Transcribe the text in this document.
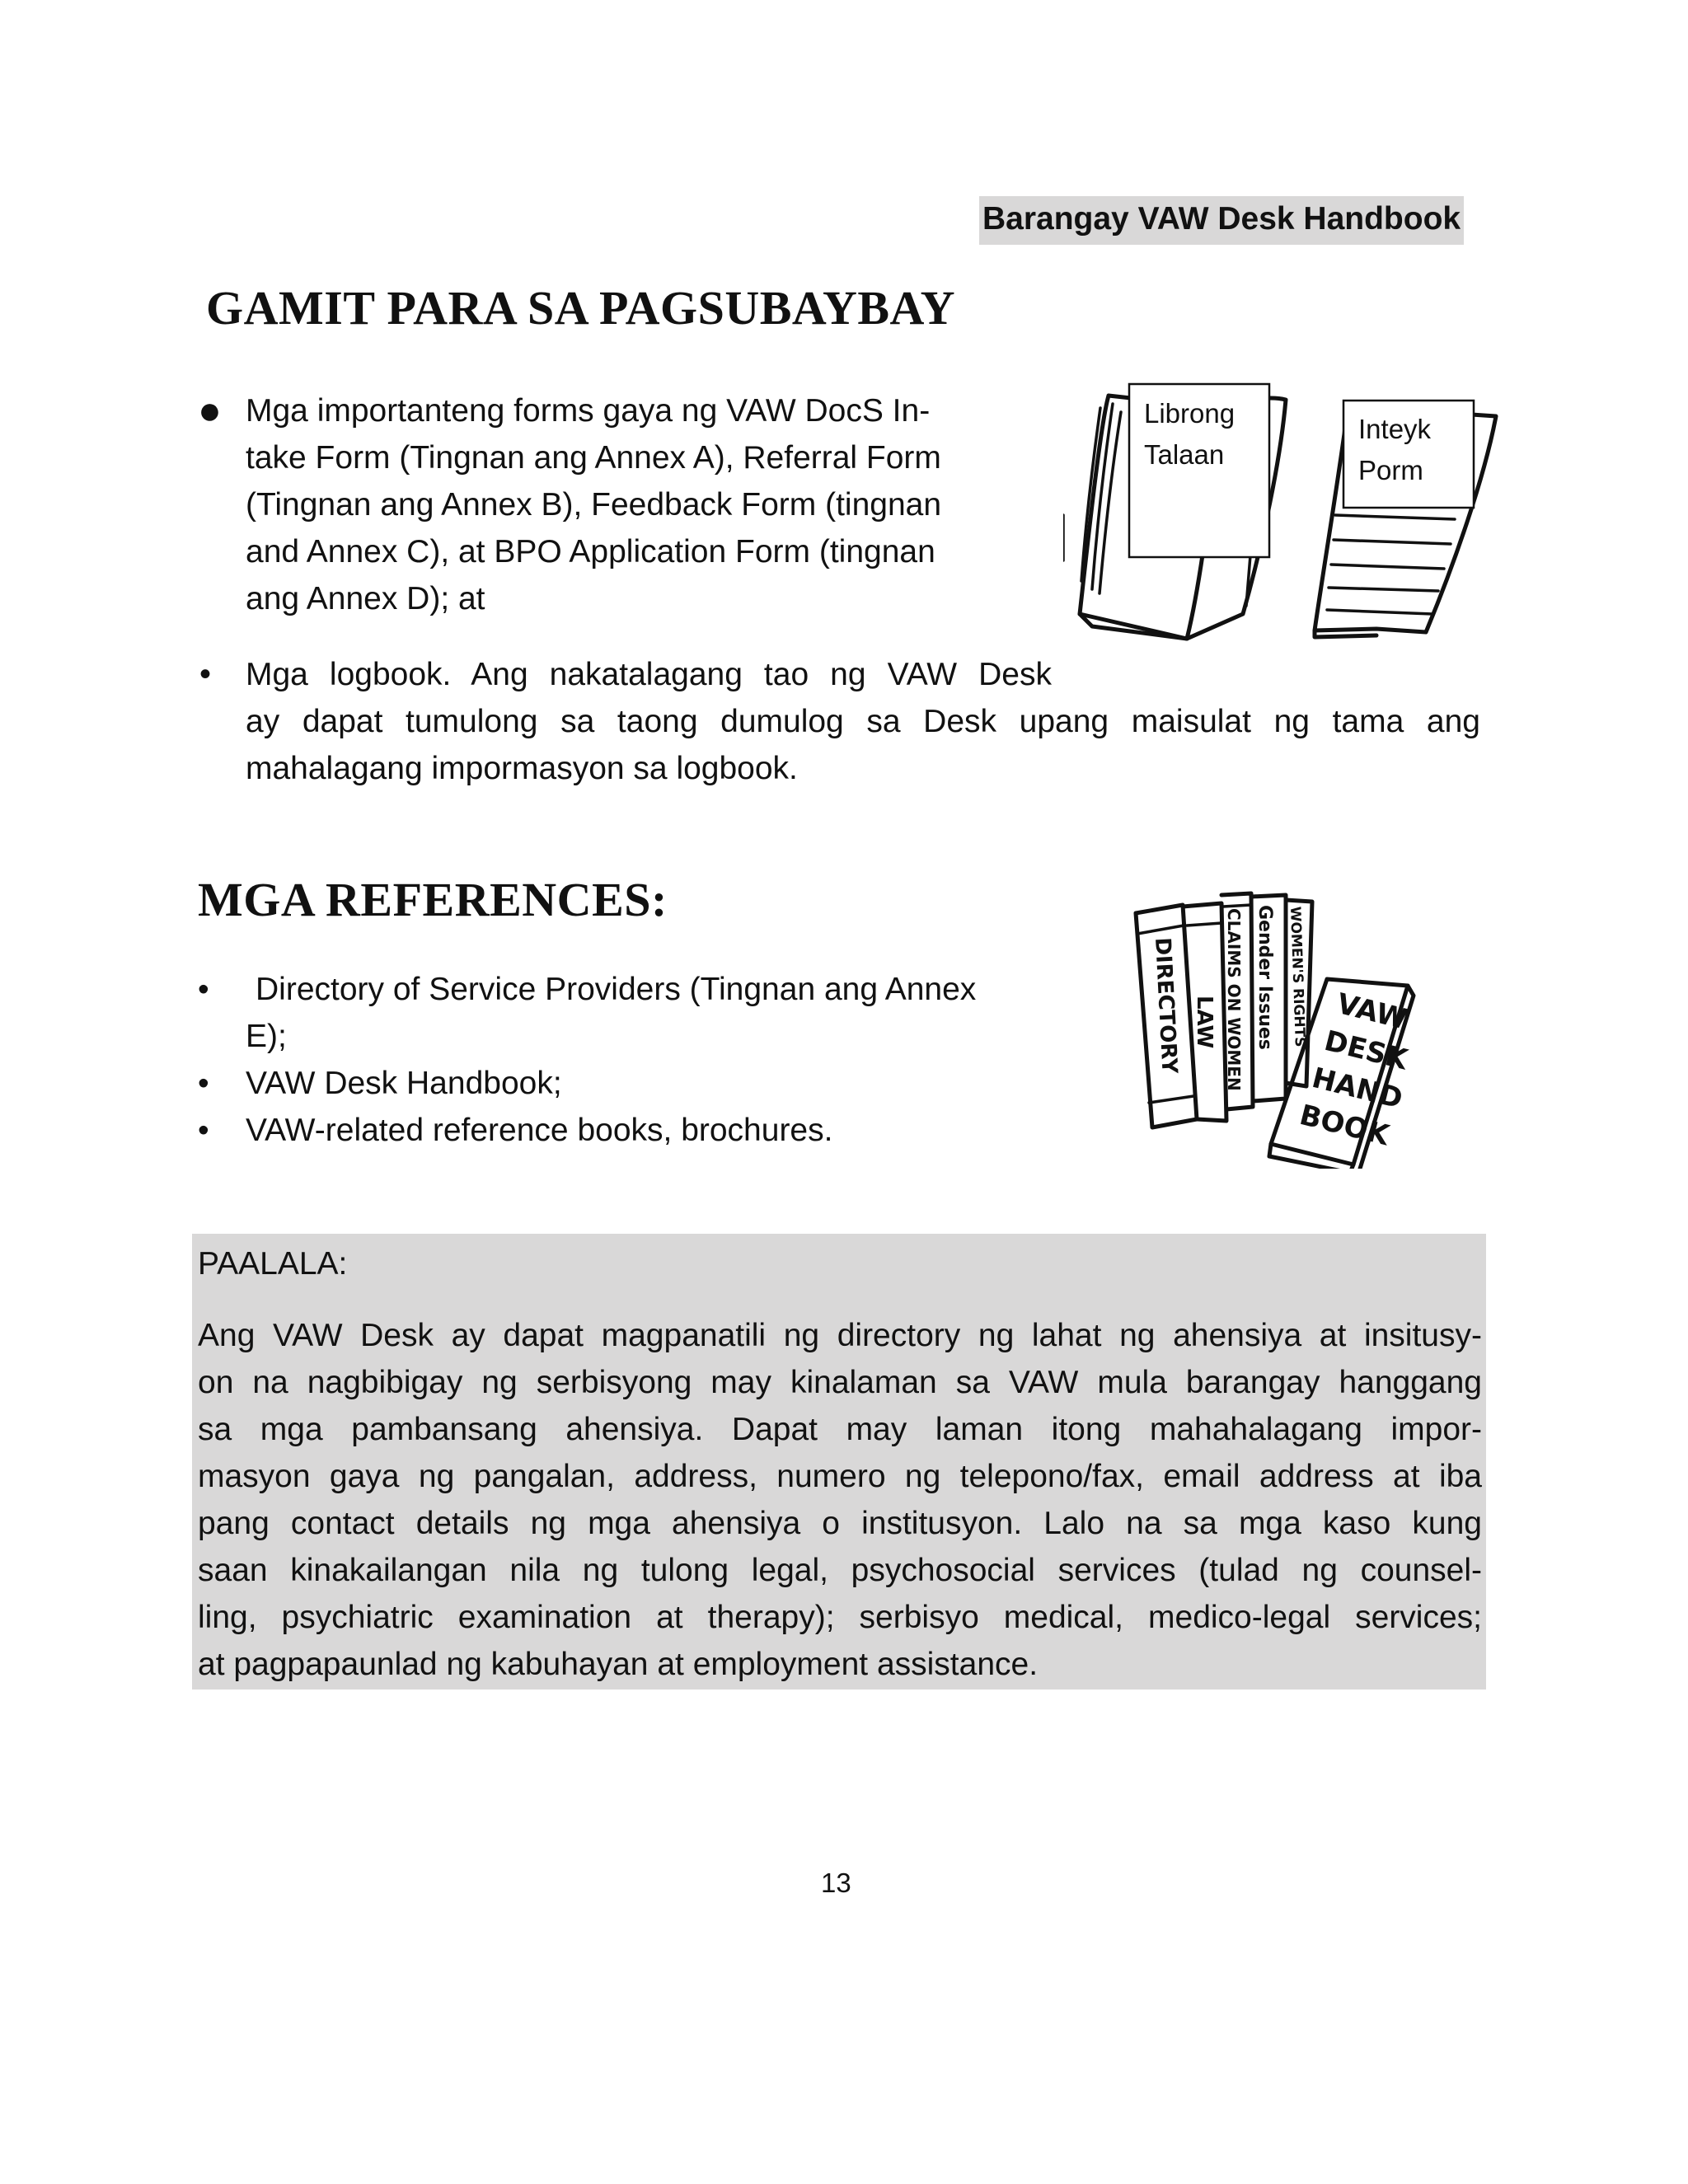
Barangay VAW Desk Handbook
GAMIT PARA SA PAGSUBAYBAY
● Mga importanteng forms gaya ng VAW DocS In-
take Form (Tingnan ang Annex A), Referral Form
(Tingnan ang Annex B), Feedback Form (tingnan
and Annex C), at BPO Application Form (tingnan
ang Annex D); at
• Mga logbook. Ang nakatalagang tao ng VAW Desk
ay dapat tumulong sa taong dumulog sa Desk upang maisulat ng tama ang
mahalagang impormasyon sa logbook.
Librong
Talaan
Inteyk
Porm
MGA REFERENCES:
• Directory of Service Providers (Tingnan ang Annex
E);
• VAW Desk Handbook;
• VAW-related reference books, brochures.
DIRECTORY LAW CLAIMS ON WOMEN Gender Issues WOMEN'S RIGHTS VAW
DESK
HAND
BOOK
PAALALA:
Ang VAW Desk ay dapat magpanatili ng directory ng lahat ng ahensiya at insitusy-
on na nagbibigay ng serbisyong may kinalaman sa VAW mula barangay hanggang
sa mga pambansang ahensiya. Dapat may laman itong mahahalagang impor-
masyon gaya ng pangalan, address, numero ng telepono/fax, email address at iba
pang contact details ng mga ahensiya o institusyon. Lalo na sa mga kaso kung
saan kinakailangan nila ng tulong legal, psychosocial services (tulad ng counsel-
ling, psychiatric examination at therapy); serbisyo medical, medico-legal services;
at pagpapaunlad ng kabuhayan at employment assistance.
13
